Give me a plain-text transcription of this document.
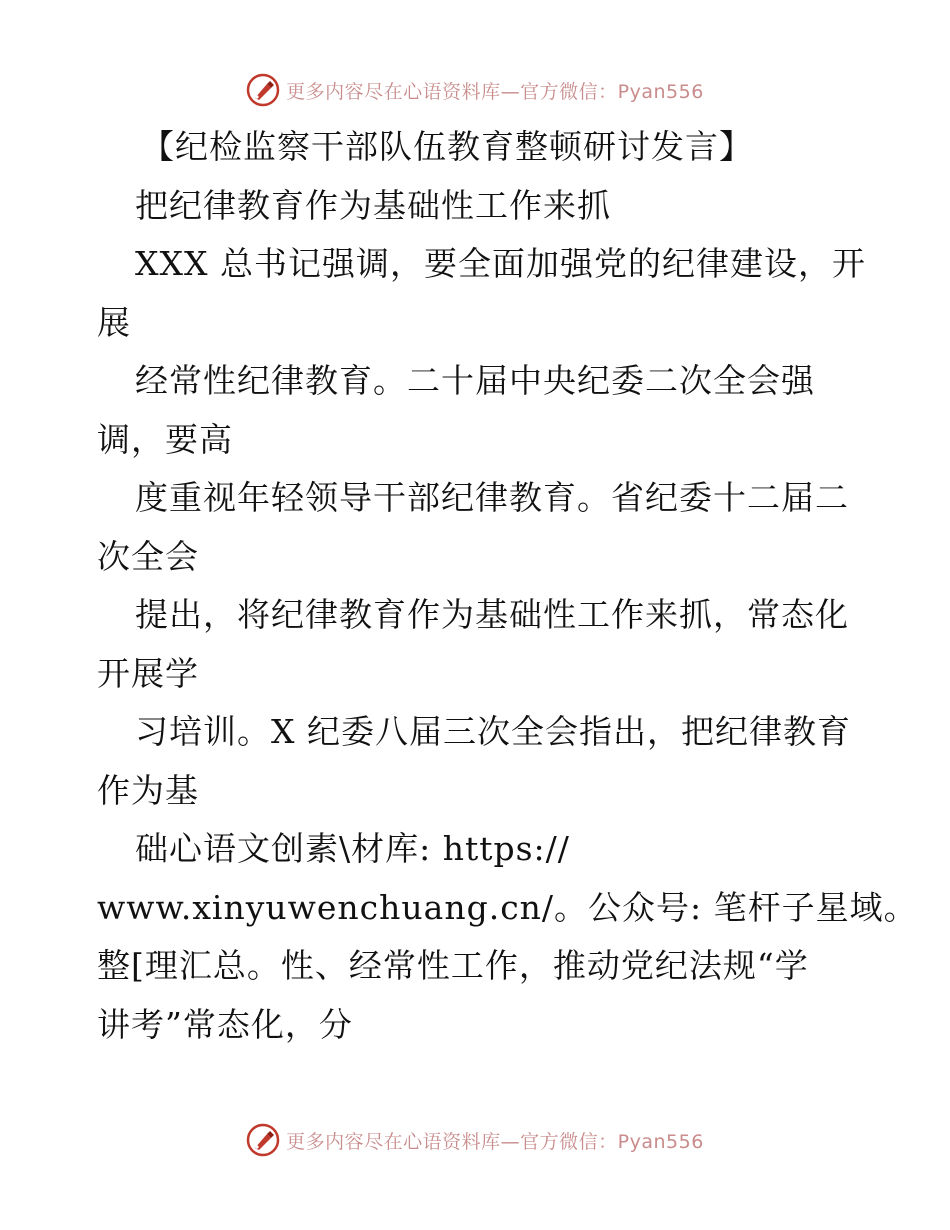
更多内容尽在心语资料库—官方微信：Pyan556
【纪检监察干部队伍教育整顿研讨发言】
把纪律教育作为基础性工作来抓
XXX 总书记强调，要全面加强党的纪律建设，开
展
经常性纪律教育。二十届中央纪委二次全会强
调，要高
度重视年轻领导干部纪律教育。省纪委十二届二
次全会
提出，将纪律教育作为基础性工作来抓，常态化
开展学
习培训。X 纪委八届三次全会指出，把纪律教育
作为基
础心语文创素\材库: https://
www.xinyuwenchuang.cn/。公众号: 笔杆子星域。
整[理汇总。性、经常性工作，推动党纪法规“学
讲考”常态化，分
更多内容尽在心语资料库—官方微信：Pyan556
